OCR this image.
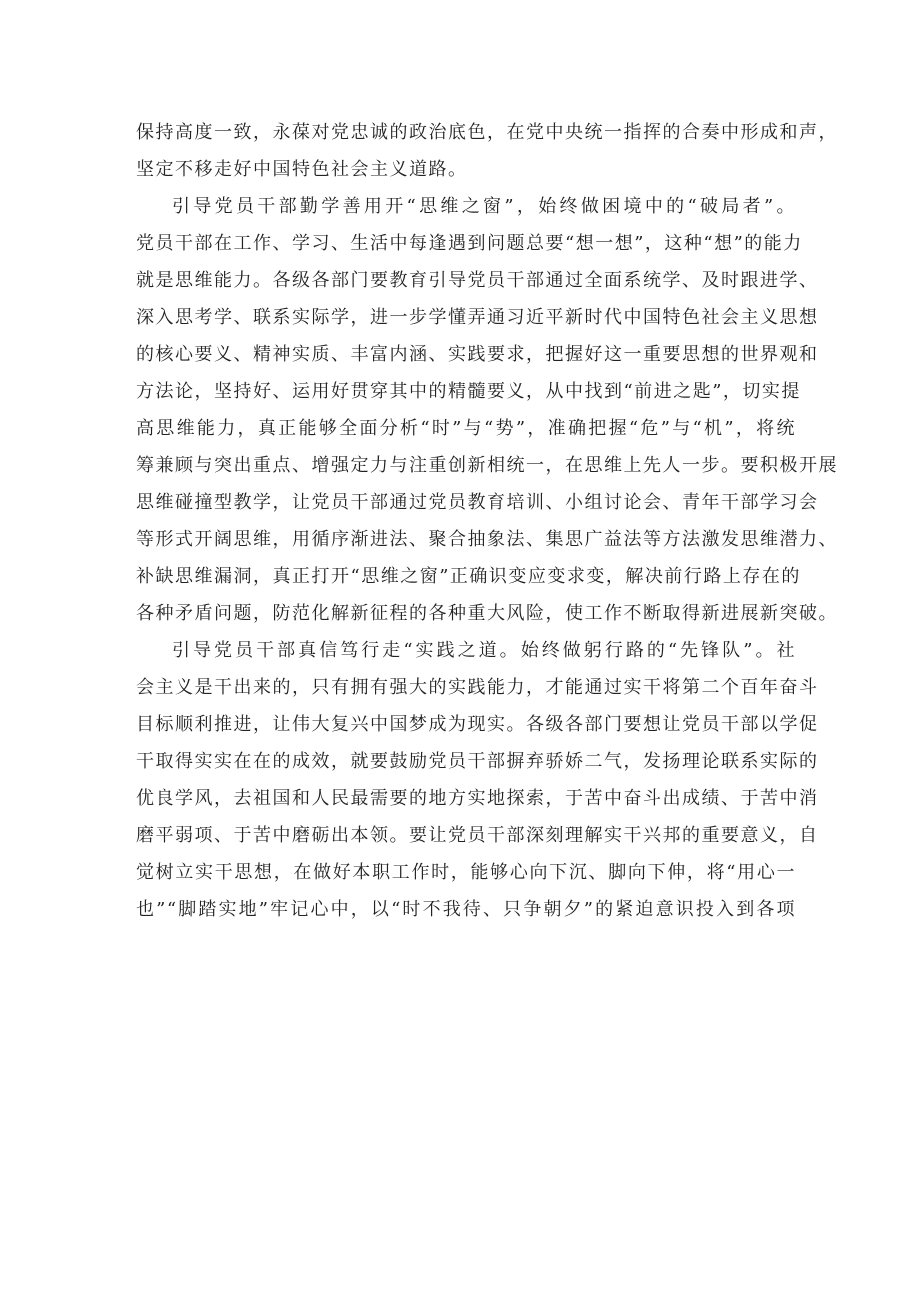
保持高度一致，永葆对党忠诚的政治底色，在党中央统一指挥的合奏中形成和声，
坚定不移走好中国特色社会主义道路。
引导党员干部勤学善用开“思维之窗”，始终做困境中的“破局者”。
党员干部在工作、学习、生活中每逢遇到问题总要“想一想”，这种“想”的能力
就是思维能力。各级各部门要教育引导党员干部通过全面系统学、及时跟进学、
深入思考学、联系实际学，进一步学懂弄通习近平新时代中国特色社会主义思想
的核心要义、精神实质、丰富内涵、实践要求，把握好这一重要思想的世界观和
方法论，坚持好、运用好贯穿其中的精髓要义，从中找到“前进之匙”，切实提
高思维能力，真正能够全面分析“时”与“势”，准确把握“危”与“机”，将统
筹兼顾与突出重点、增强定力与注重创新相统一，在思维上先人一步。要积极开展
思维碰撞型教学，让党员干部通过党员教育培训、小组讨论会、青年干部学习会
等形式开阔思维，用循序渐进法、聚合抽象法、集思广益法等方法激发思维潜力、
补缺思维漏洞，真正打开“思维之窗”正确识变应变求变，解决前行路上存在的
各种矛盾问题，防范化解新征程的各种重大风险，使工作不断取得新进展新突破。
引导党员干部真信笃行走“实践之道。始终做躬行路的“先锋队”。社
会主义是干出来的，只有拥有强大的实践能力，才能通过实干将第二个百年奋斗
目标顺利推进，让伟大复兴中国梦成为现实。各级各部门要想让党员干部以学促
干取得实实在在的成效，就要鼓励党员干部摒弃骄娇二气，发扬理论联系实际的
优良学风，去祖国和人民最需要的地方实地探索，于苦中奋斗出成绩、于苦中消
磨平弱项、于苦中磨砺出本领。要让党员干部深刻理解实干兴邦的重要意义，自
觉树立实干思想，在做好本职工作时，能够心向下沉、脚向下伸，将“用心一
也”“脚踏实地”牢记心中，以“时不我待、只争朝夕”的紧迫意识投入到各项
